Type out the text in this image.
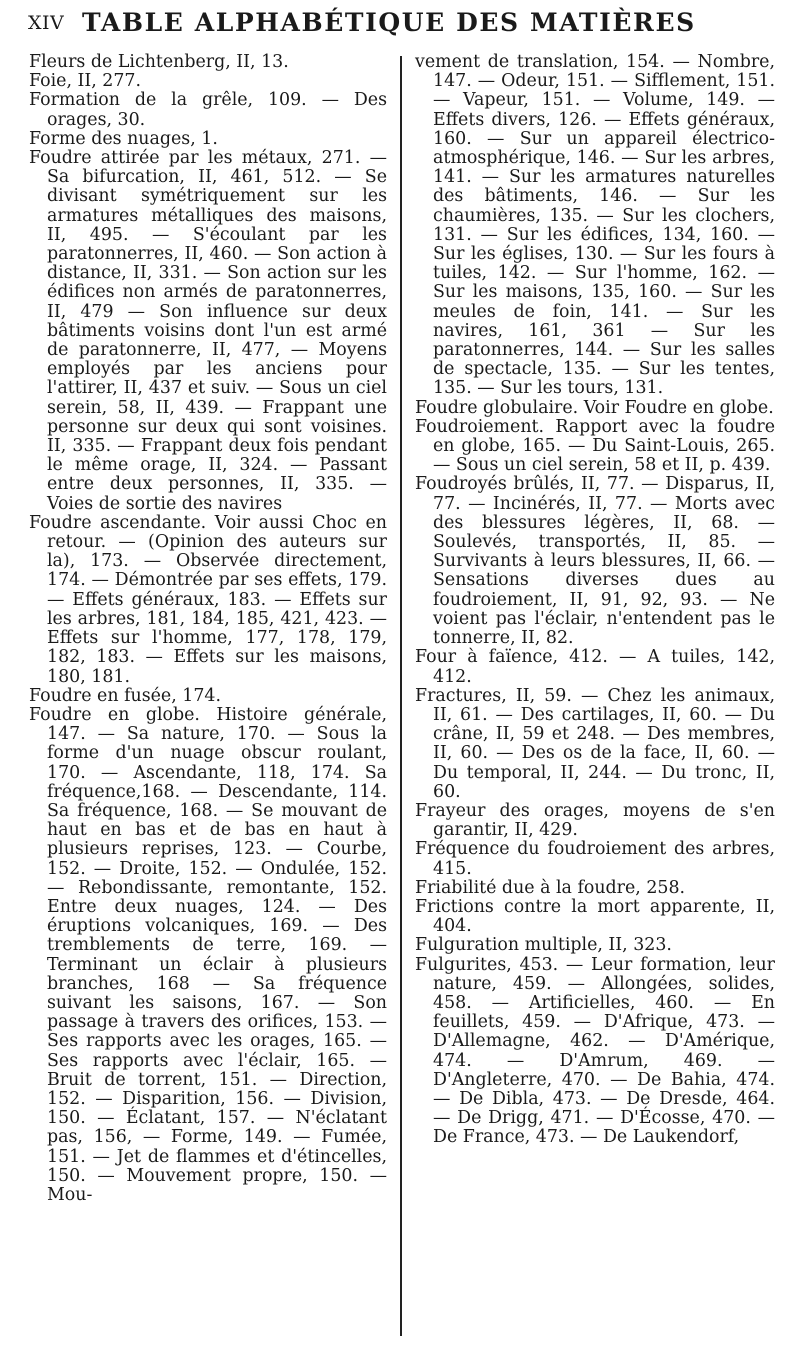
XIV TABLE ALPHABÉTIQUE DES MATIÈRES

Fleurs de Lichtenberg, II, 13.

Foie, II, 277.

Formation de la grêle, 109. — Des orages, 30.

Forme des nuages, 1.

Foudre attirée par les métaux, 271. — Sa bifurcation, II, 461, 512. — Se divisant symétriquement sur les armatures métalliques des maisons, II, 495. — S'écoulant par les paratonnerres, II, 460. — Son action à distance, II, 331. — Son action sur les édifices non armés de paratonnerres, II, 479 — Son influence sur deux bâtiments voisins dont l'un est armé de paratonnerre, II, 477, — Moyens employés par les anciens pour l'attirer, II, 437 et suiv. — Sous un ciel serein, 58, II, 439. — Frappant une personne sur deux qui sont voisines. II, 335. — Frappant deux fois pendant le même orage, II, 324. — Passant entre deux personnes, II, 335. — Voies de sortie des navires

Foudre ascendante. Voir aussi Choc en retour. — (Opinion des auteurs sur la), 173. — Observée directement, 174. — Démontrée par ses effets, 179. — Effets généraux, 183. — Effets sur les arbres, 181, 184, 185, 421, 423. — Effets sur l'homme, 177, 178, 179, 182, 183. — Effets sur les maisons, 180, 181.

Foudre en fusée, 174.

Foudre en globe. Histoire générale, 147. — Sa nature, 170. — Sous la forme d'un nuage obscur roulant, 170. — Ascendante, 118, 174. Sa fréquence,168. — Descendante, 114. Sa fréquence, 168. — Se mouvant de haut en bas et de bas en haut à plusieurs reprises, 123. — Courbe, 152. — Droite, 152. — Ondulée, 152. — Rebondissante, remontante, 152. Entre deux nuages, 124. — Des éruptions volcaniques, 169. — Des tremblements de terre, 169. — Terminant un éclair à plusieurs branches, 168 — Sa fréquence suivant les saisons, 167. — Son passage à travers des orifices, 153. — Ses rapports avec les orages, 165. — Ses rapports avec l'éclair, 165. — Bruit de torrent, 151. — Direction, 152. — Disparition, 156. — Division, 150. — Éclatant, 157. — N'éclatant pas, 156, — Forme, 149. — Fumée, 151. — Jet de flammes et d'étincelles, 150. — Mouvement propre, 150. — Mou-

vement de translation, 154. — Nombre, 147. — Odeur, 151. — Sifflement, 151. — Vapeur, 151. — Volume, 149. — Effets divers, 126. — Effets généraux, 160. — Sur un appareil électrico-atmosphérique, 146. — Sur les arbres, 141. — Sur les armatures naturelles des bâtiments, 146. — Sur les chaumières, 135. — Sur les clochers, 131. — Sur les édifices, 134, 160. — Sur les églises, 130. — Sur les fours à tuiles, 142. — Sur l'homme, 162. — Sur les maisons, 135, 160. — Sur les meules de foin, 141. — Sur les navires, 161, 361 — Sur les paratonnerres, 144. — Sur les salles de spectacle, 135. — Sur les tentes, 135. — Sur les tours, 131.

Foudre globulaire. Voir Foudre en globe.

Foudroiement. Rapport avec la foudre en globe, 165. — Du Saint-Louis, 265. — Sous un ciel serein, 58 et II, p. 439.

Foudroyés brûlés, II, 77. — Disparus, II, 77. — Incinérés, II, 77. — Morts avec des blessures légères, II, 68. — Soulevés, transportés, II, 85. — Survivants à leurs blessures, II, 66. — Sensations diverses dues au foudroiement, II, 91, 92, 93. — Ne voient pas l'éclair, n'entendent pas le tonnerre, II, 82.

Four à faïence, 412. — A tuiles, 142, 412.

Fractures, II, 59. — Chez les animaux, II, 61. — Des cartilages, II, 60. — Du crâne, II, 59 et 248. — Des membres, II, 60. — Des os de la face, II, 60. — Du temporal, II, 244. — Du tronc, II, 60.

Frayeur des orages, moyens de s'en garantir, II, 429.

Fréquence du foudroiement des arbres, 415.

Friabilité due à la foudre, 258.

Frictions contre la mort apparente, II, 404.

Fulguration multiple, II, 323.

Fulgurites, 453. — Leur formation, leur nature, 459. — Allongées, solides, 458. — Artificielles, 460. — En feuillets, 459. — D'Afrique, 473. — D'Allemagne, 462. — D'Amérique, 474. — D'Amrum, 469. — D'Angleterre, 470. — De Bahia, 474. — De Dibla, 473. — De Dresde, 464. — De Drigg, 471. — D'Écosse, 470. — De France, 473. — De Laukendorf,
